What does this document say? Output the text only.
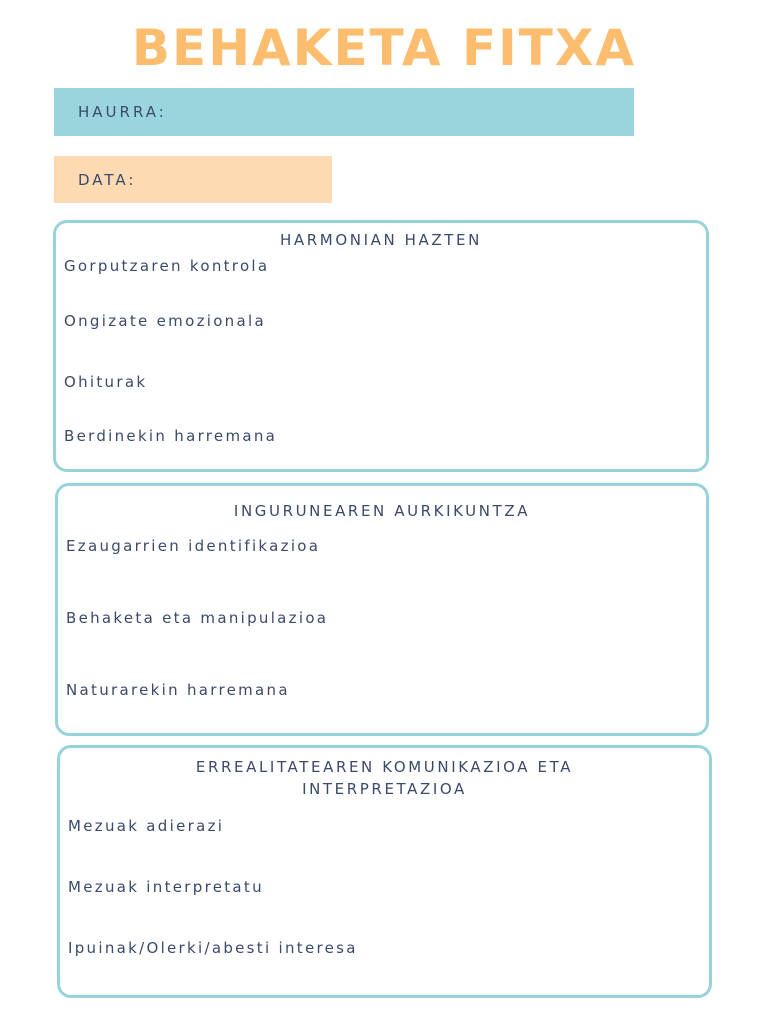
BEHAKETA FITXA
HAURRA:
DATA:
HARMONIAN HAZTEN
Gorputzaren kontrola
Ongizate emozionala
Ohiturak
Berdinekin harremana
INGURUNEAREN AURKIKUNTZA
Ezaugarrien identifikazioa
Behaketa eta manipulazioa
Naturarekin harremana
ERREALITATEAREN KOMUNIKAZIOA ETA
INTERPRETAZIOA
Mezuak adierazi
Mezuak interpretatu
Ipuinak/Olerki/abesti interesa
